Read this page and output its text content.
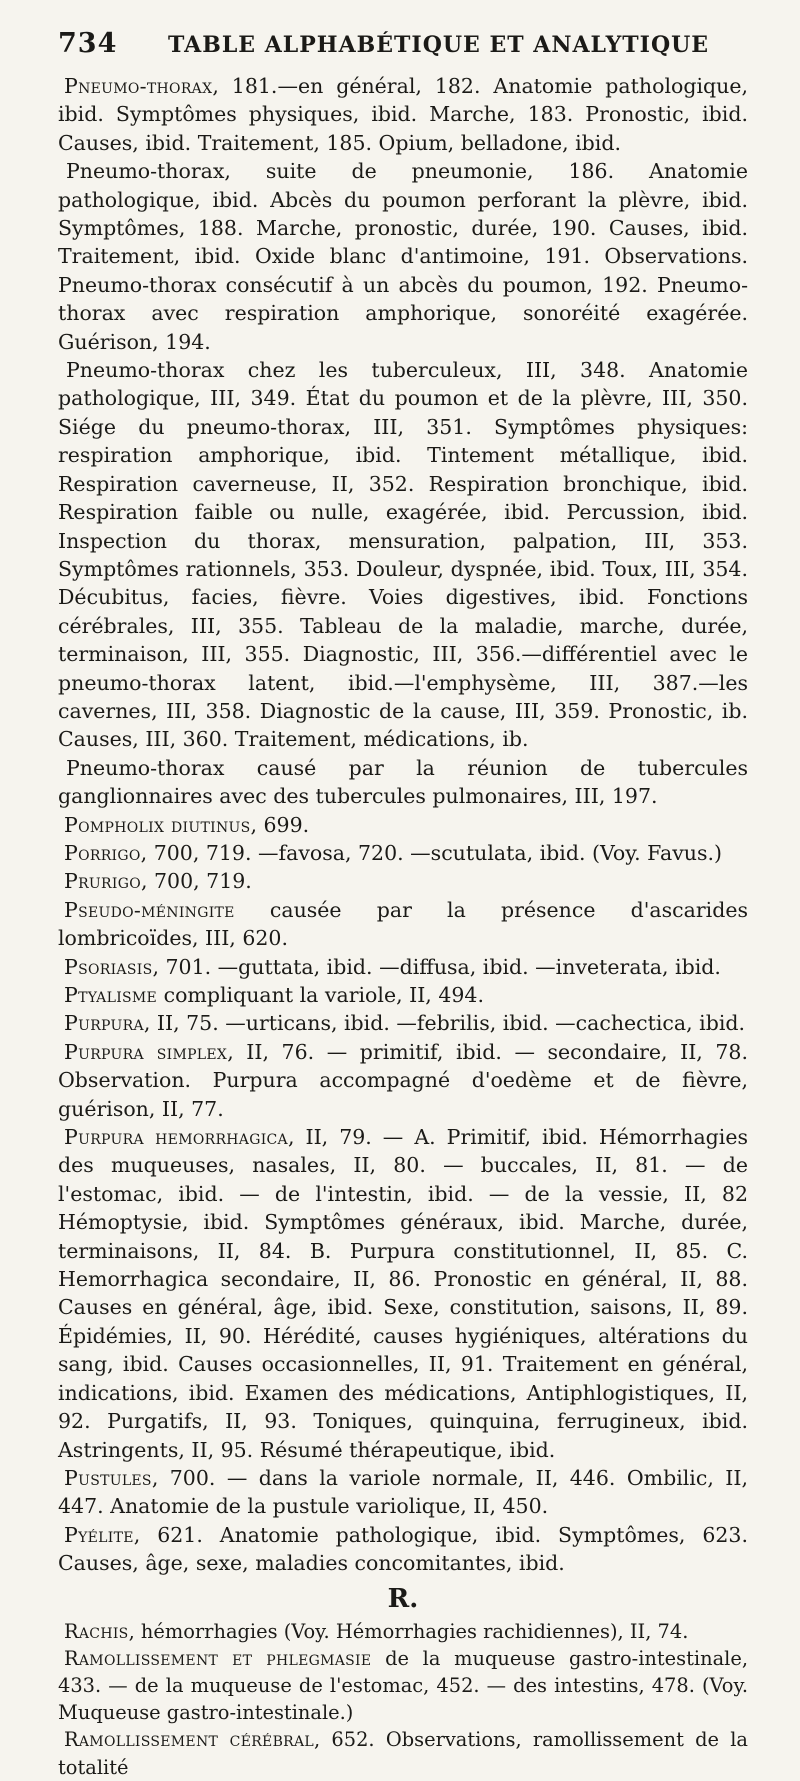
734	TABLE ALPHABÉTIQUE ET ANALYTIQUE

Pneumo-thorax, 181.—en général, 182. Anatomie pathologique, ibid. Symptômes physiques, ibid. Marche, 183. Pronostic, ibid. Causes, ibid. Traitement, 185. Opium, belladone, ibid.

Pneumo-thorax, suite de pneumonie, 186. Anatomie pathologique, ibid. Abcès du poumon perforant la plèvre, ibid. Symptômes, 188. Marche, pronostic, durée, 190. Causes, ibid. Traitement, ibid. Oxide blanc d'antimoine, 191. Observations. Pneumo-thorax consécutif à un abcès du poumon, 192. Pneumo-thorax avec respiration amphorique, sonoréité exagérée. Guérison, 194.

Pneumo-thorax chez les tuberculeux, III, 348. Anatomie pathologique, III, 349. État du poumon et de la plèvre, III, 350. Siége du pneumo-thorax, III, 351. Symptômes physiques: respiration amphorique, ibid. Tintement métallique, ibid. Respiration caverneuse, II, 352. Respiration bronchique, ibid. Respiration faible ou nulle, exagérée, ibid. Percussion, ibid. Inspection du thorax, mensuration, palpation, III, 353. Symptômes rationnels, 353. Douleur, dyspnée, ibid. Toux, III, 354. Décubitus, facies, fièvre. Voies digestives, ibid. Fonctions cérébrales, III, 355. Tableau de la maladie, marche, durée, terminaison, III, 355. Diagnostic, III, 356.—différentiel avec le pneumo-thorax latent, ibid.—l'emphysème, III, 387.—les cavernes, III, 358. Diagnostic de la cause, III, 359. Pronostic, ib. Causes, III, 360. Traitement, médications, ib.

Pneumo-thorax causé par la réunion de tubercules ganglionnaires avec des tubercules pulmonaires, III, 197.

Pompholix diutinus, 699.

Porrigo, 700, 719. —favosa, 720. —scutulata, ibid. (Voy. Favus.)

Prurigo, 700, 719.

Pseudo-méningite causée par la présence d'ascarides lombricoïdes, III, 620.

Psoriasis, 701. —guttata, ibid. —diffusa, ibid. —inveterata, ibid.

Ptyalisme compliquant la variole, II, 494.

Purpura, II, 75. —urticans, ibid. —febrilis, ibid. —cachectica, ibid.

Purpura simplex, II, 76. — primitif, ibid. — secondaire, II, 78. Observation. Purpura accompagné d'oedème et de fièvre, guérison, II, 77.

Purpura hemorrhagica, II, 79. — A. Primitif, ibid. Hémorrhagies des muqueuses, nasales, II, 80. — buccales, II, 81. — de l'estomac, ibid. — de l'intestin, ibid. — de la vessie, II, 82 Hémoptysie, ibid. Symptômes généraux, ibid. Marche, durée, terminaisons, II, 84. B. Purpura constitutionnel, II, 85. C. Hemorrhagica secondaire, II, 86. Pronostic en général, II, 88. Causes en général, âge, ibid. Sexe, constitution, saisons, II, 89. Épidémies, II, 90. Hérédité, causes hygiéniques, altérations du sang, ibid. Causes occasionnelles, II, 91. Traitement en général, indications, ibid. Examen des médications, Antiphlogistiques, II, 92. Purgatifs, II, 93. Toniques, quinquina, ferrugineux, ibid. Astringents, II, 95. Résumé thérapeutique, ibid.

Pustules, 700. — dans la variole normale, II, 446. Ombilic, II, 447. Anatomie de la pustule variolique, II, 450.

Pyélite, 621. Anatomie pathologique, ibid. Symptômes, 623. Causes, âge, sexe, maladies concomitantes, ibid.

R.

Rachis, hémorrhagies (Voy. Hémorrhagies rachidiennes), II, 74.

Ramollissement et phlegmasie de la muqueuse gastro-intestinale, 433. — de la muqueuse de l'estomac, 452. — des intestins, 478. (Voy. Muqueuse gastro-intestinale.)

Ramollissement cérébral, 652. Observations, ramollissement de la totalité
